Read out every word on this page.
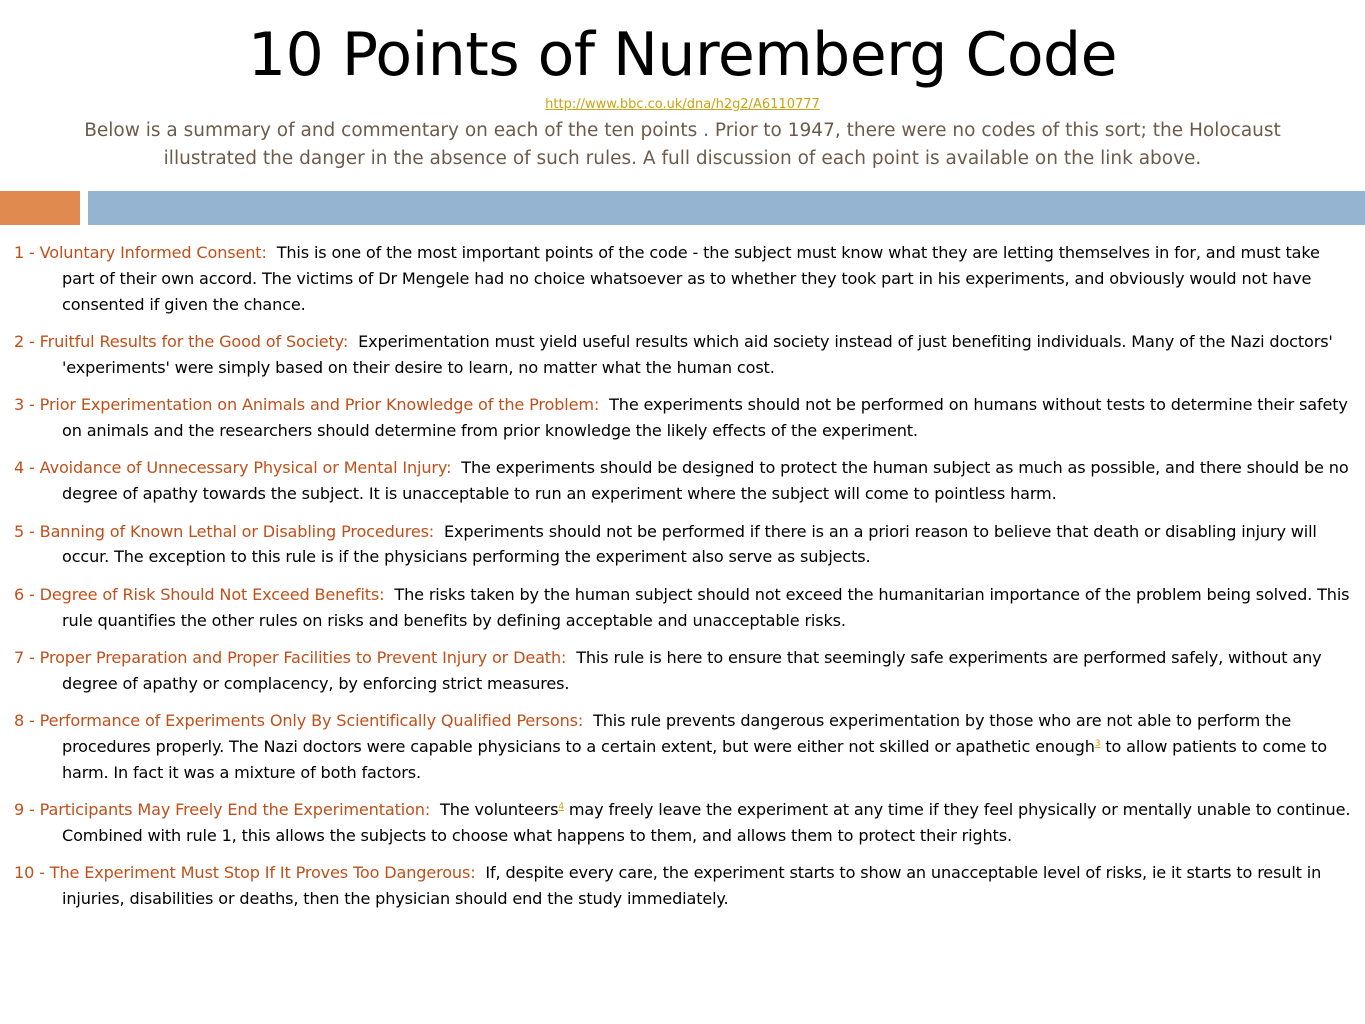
10 Points of Nuremberg Code
http://www.bbc.co.uk/dna/h2g2/A6110777
Below is a summary of and commentary on each of the ten points . Prior to 1947, there were no codes of this sort; the Holocaust illustrated the danger in the absence of such rules. A full discussion of each point is available on the link above.
1 - Voluntary Informed Consent: This is one of the most important points of the code - the subject must know what they are letting themselves in for, and must take part of their own accord. The victims of Dr Mengele had no choice whatsoever as to whether they took part in his experiments, and obviously would not have consented if given the chance.
2 - Fruitful Results for the Good of Society: Experimentation must yield useful results which aid society instead of just benefiting individuals. Many of the Nazi doctors' 'experiments' were simply based on their desire to learn, no matter what the human cost.
3 - Prior Experimentation on Animals and Prior Knowledge of the Problem: The experiments should not be performed on humans without tests to determine their safety on animals and the researchers should determine from prior knowledge the likely effects of the experiment.
4 - Avoidance of Unnecessary Physical or Mental Injury: The experiments should be designed to protect the human subject as much as possible, and there should be no degree of apathy towards the subject. It is unacceptable to run an experiment where the subject will come to pointless harm.
5 - Banning of Known Lethal or Disabling Procedures: Experiments should not be performed if there is an a priori reason to believe that death or disabling injury will occur. The exception to this rule is if the physicians performing the experiment also serve as subjects.
6 - Degree of Risk Should Not Exceed Benefits: The risks taken by the human subject should not exceed the humanitarian importance of the problem being solved. This rule quantifies the other rules on risks and benefits by defining acceptable and unacceptable risks.
7 - Proper Preparation and Proper Facilities to Prevent Injury or Death: This rule is here to ensure that seemingly safe experiments are performed safely, without any degree of apathy or complacency, by enforcing strict measures.
8 - Performance of Experiments Only By Scientifically Qualified Persons: This rule prevents dangerous experimentation by those who are not able to perform the procedures properly. The Nazi doctors were capable physicians to a certain extent, but were either not skilled or apathetic enough$^3$ to allow patients to come to harm. In fact it was a mixture of both factors.
9 - Participants May Freely End the Experimentation: The volunteers$^4$ may freely leave the experiment at any time if they feel physically or mentally unable to continue. Combined with rule 1, this allows the subjects to choose what happens to them, and allows them to protect their rights.
10 - The Experiment Must Stop If It Proves Too Dangerous: If, despite every care, the experiment starts to show an unacceptable level of risks, ie it starts to result in injuries, disabilities or deaths, then the physician should end the study immediately.
